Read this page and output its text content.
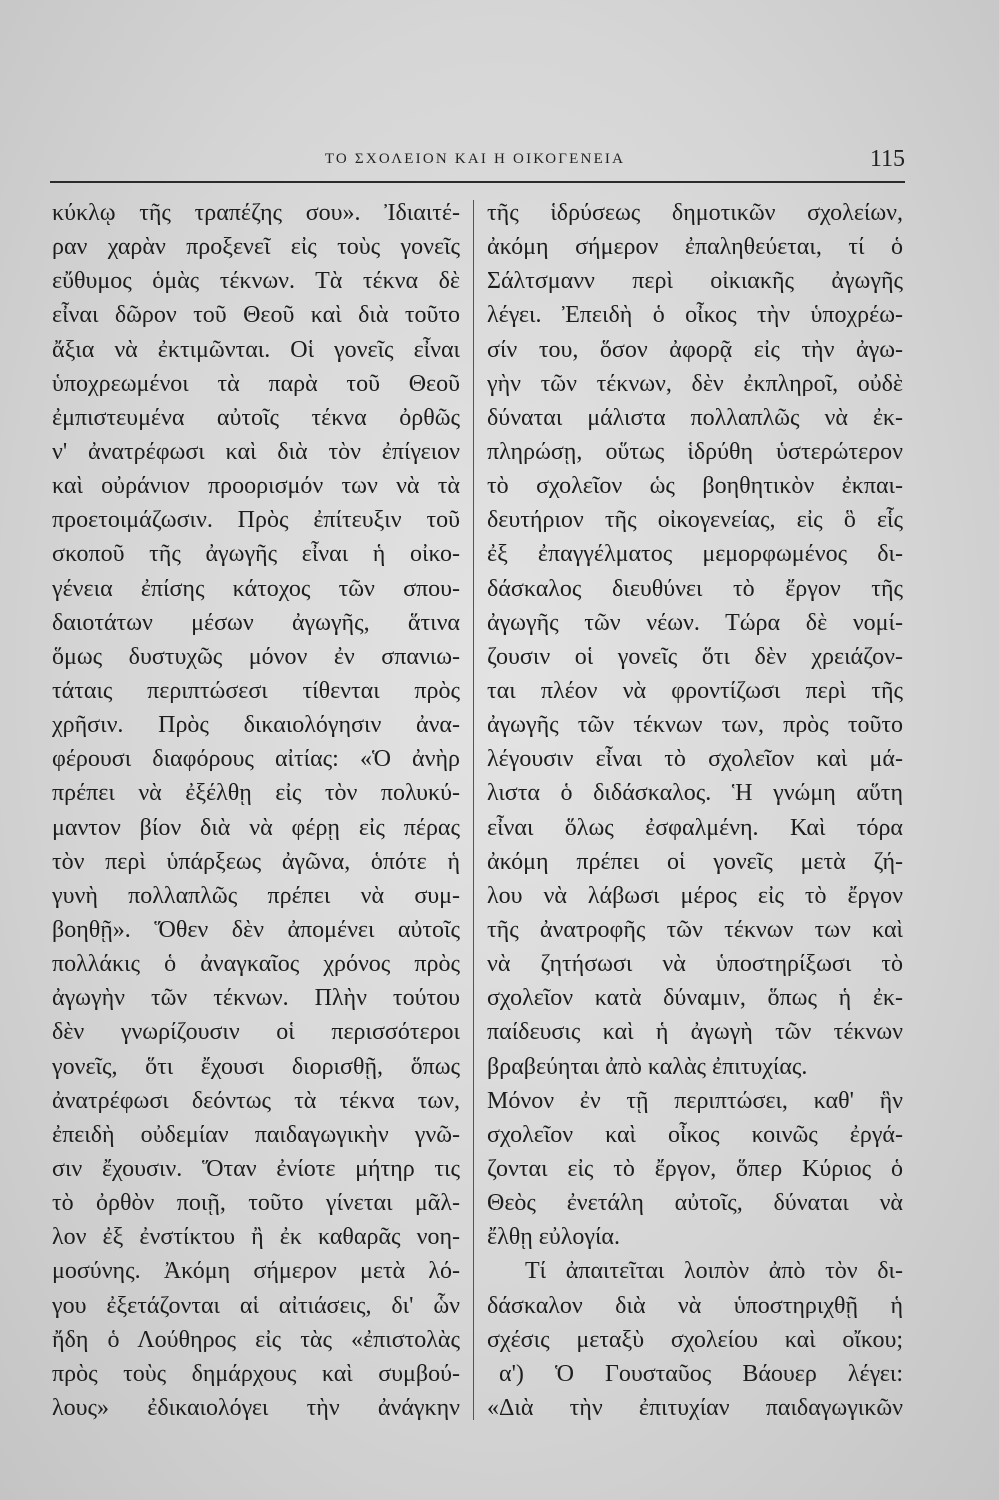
ΤΟ ΣΧΟΛΕΙΟΝ ΚΑΙ Η ΟΙΚΟΓΕΝΕΙΑ	115
κύκλῳ τῆς τραπέζης σου». Ἰδιαιτέ-
ραν χαρὰν προξενεῖ εἰς τοὺς γονεῖς
εὔθυμος ὁμὰς τέκνων. Τὰ τέκνα δὲ
εἶναι δῶρον τοῦ Θεοῦ καὶ διὰ τοῦτο
ἄξια νὰ ἐκτιμῶνται. Οἱ γονεῖς εἶναι
ὑποχρεωμένοι τὰ παρὰ τοῦ Θεοῦ
ἐμπιστευμένα αὐτοῖς τέκνα ὀρθῶς
ν' ἀνατρέφωσι καὶ διὰ τὸν ἐπίγειον
καὶ οὐράνιον προορισμόν των νὰ τὰ
προετοιμάζωσιν. Πρὸς ἐπίτευξιν τοῦ
σκοποῦ τῆς ἀγωγῆς εἶναι ἡ οἰκο-
γένεια ἐπίσης κάτοχος τῶν σπου-
δαιοτάτων μέσων ἀγωγῆς, ἅτινα
ὅμως δυστυχῶς μόνον ἐν σπανιω-
τάταις περιπτώσεσι τίθενται πρὸς
χρῆσιν. Πρὸς δικαιολόγησιν ἀνα-
φέρουσι διαφόρους αἰτίας: «Ὁ ἀνὴρ
πρέπει νὰ ἐξέλθῃ εἰς τὸν πολυκύ-
μαντον βίον διὰ νὰ φέρῃ εἰς πέρας
τὸν περὶ ὑπάρξεως ἀγῶνα, ὁπότε ἡ
γυνὴ πολλαπλῶς πρέπει νὰ συμ-
βοηθῇ». Ὅθεν δὲν ἀπομένει αὐτοῖς
πολλάκις ὁ ἀναγκαῖος χρόνος πρὸς
ἀγωγὴν τῶν τέκνων. Πλὴν τούτου
δὲν γνωρίζουσιν οἱ περισσότεροι
γονεῖς, ὅτι ἔχουσι διορισθῇ, ὅπως
ἀνατρέφωσι δεόντως τὰ τέκνα των,
ἐπειδὴ οὐδεμίαν παιδαγωγικὴν γνῶ-
σιν ἔχουσιν. Ὅταν ἐνίοτε μήτηρ τις
τὸ ὀρθὸν ποιῇ, τοῦτο γίνεται μᾶλ-
λον ἐξ ἐνστίκτου ἢ ἐκ καθαρᾶς νοη-
μοσύνης. Ἀκόμη σήμερον μετὰ λό-
γου ἐξετάζονται αἱ αἰτιάσεις, δι' ὧν
ἤδη ὁ Λούθηρος εἰς τὰς «ἐπιστολὰς
πρὸς τοὺς δημάρχους καὶ συμβού-
λους» ἐδικαιολόγει τὴν ἀνάγκην
τῆς ἱδρύσεως δημοτικῶν σχολείων,
ἀκόμη σήμερον ἐπαληθεύεται, τί ὁ
Σάλτσμανν περὶ οἰκιακῆς ἀγωγῆς
λέγει. Ἐπειδὴ ὁ οἶκος τὴν ὑποχρέω-
σίν του, ὅσον ἀφορᾷ εἰς τὴν ἀγω-
γὴν τῶν τέκνων, δὲν ἐκπληροῖ, οὐδὲ
δύναται μάλιστα πολλαπλῶς νὰ ἐκ-
πληρώσῃ, οὕτως ἱδρύθη ὑστερώτερον
τὸ σχολεῖον ὡς βοηθητικὸν ἐκπαι-
δευτήριον τῆς οἰκογενείας, εἰς ὃ εἷς
ἐξ ἐπαγγέλματος μεμορφωμένος δι-
δάσκαλος διευθύνει τὸ ἔργον τῆς
ἀγωγῆς τῶν νέων. Τώρα δὲ νομί-
ζουσιν οἱ γονεῖς ὅτι δὲν χρειάζον-
ται πλέον νὰ φροντίζωσι περὶ τῆς
ἀγωγῆς τῶν τέκνων των, πρὸς τοῦτο
λέγουσιν εἶναι τὸ σχολεῖον καὶ μά-
λιστα ὁ διδάσκαλος. Ἡ γνώμη αὕτη
εἶναι ὅλως ἐσφαλμένη. Καὶ τόρα
ἀκόμη πρέπει οἱ γονεῖς μετὰ ζή-
λου νὰ λάβωσι μέρος εἰς τὸ ἔργον
τῆς ἀνατροφῆς τῶν τέκνων των καὶ
νὰ ζητήσωσι νὰ ὑποστηρίξωσι τὸ
σχολεῖον κατὰ δύναμιν, ὅπως ἡ ἐκ-
παίδευσις καὶ ἡ ἀγωγὴ τῶν τέκνων
βραβεύηται ἀπὸ καλὰς ἐπιτυχίας.
Μόνον ἐν τῇ περιπτώσει, καθ' ἣν
σχολεῖον καὶ οἶκος κοινῶς ἐργά-
ζονται εἰς τὸ ἔργον, ὅπερ Κύριος ὁ
Θεὸς ἐνετάλη αὐτοῖς, δύναται νὰ
ἔλθῃ εὐλογία.
Τί ἀπαιτεῖται λοιπὸν ἀπὸ τὸν δι-
δάσκαλον διὰ νὰ ὑποστηριχθῇ ἡ
σχέσις μεταξὺ σχολείου καὶ οἴκου;
α') Ὁ Γουσταῦος Βάουερ λέγει:
«Διὰ τὴν ἐπιτυχίαν παιδαγωγικῶν
